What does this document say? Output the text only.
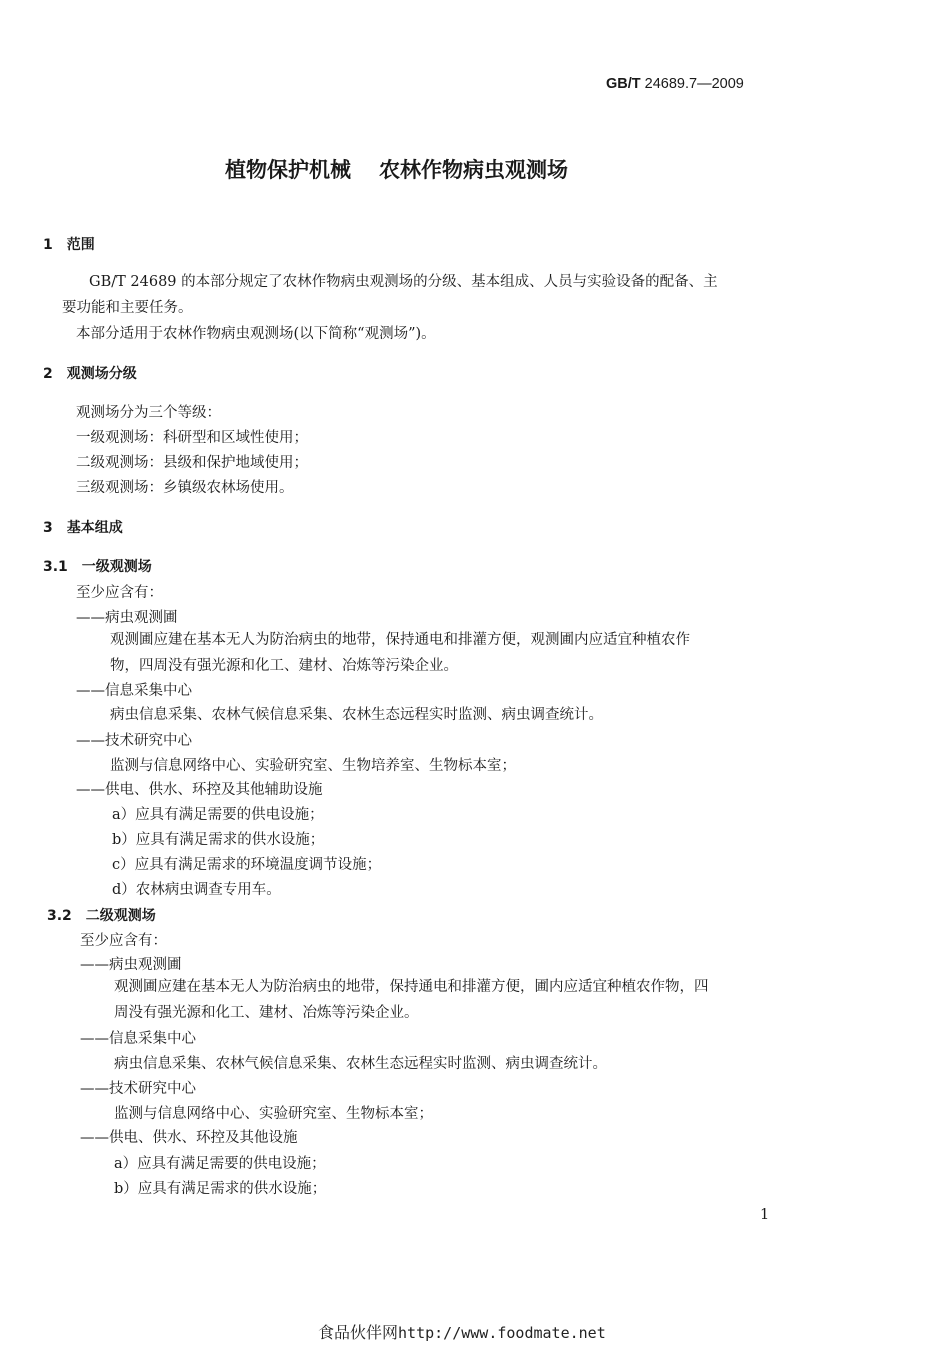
GB/T 24689.7—2009
植物保护机械 农林作物病虫观测场
1　范围
GB/T 24689 的本部分规定了农林作物病虫观测场的分级、基本组成、人员与实验设备的配备、主
要功能和主要任务。
本部分适用于农林作物病虫观测场(以下简称“观测场”)。
2　观测场分级
观测场分为三个等级：
一级观测场：科研型和区域性使用；
二级观测场：县级和保护地域使用；
三级观测场：乡镇级农林场使用。
3　基本组成
3.1　一级观测场
至少应含有：
——病虫观测圃
观测圃应建在基本无人为防治病虫的地带，保持通电和排灌方便，观测圃内应适宜种植农作
物，四周没有强光源和化工、建材、冶炼等污染企业。
——信息采集中心
病虫信息采集、农林气候信息采集、农林生态远程实时监测、病虫调查统计。
——技术研究中心
监测与信息网络中心、实验研究室、生物培养室、生物标本室；
——供电、供水、环控及其他辅助设施
a）应具有满足需要的供电设施；
b）应具有满足需求的供水设施；
c）应具有满足需求的环境温度调节设施；
d）农林病虫调查专用车。
3.2　二级观测场
至少应含有：
——病虫观测圃
观测圃应建在基本无人为防治病虫的地带，保持通电和排灌方便，圃内应适宜种植农作物，四
周没有强光源和化工、建材、冶炼等污染企业。
——信息采集中心
病虫信息采集、农林气候信息采集、农林生态远程实时监测、病虫调查统计。
——技术研究中心
监测与信息网络中心、实验研究室、生物标本室；
——供电、供水、环控及其他设施
a）应具有满足需要的供电设施；
b）应具有满足需求的供水设施；
1
食品伙伴网http://www.foodmate.net
